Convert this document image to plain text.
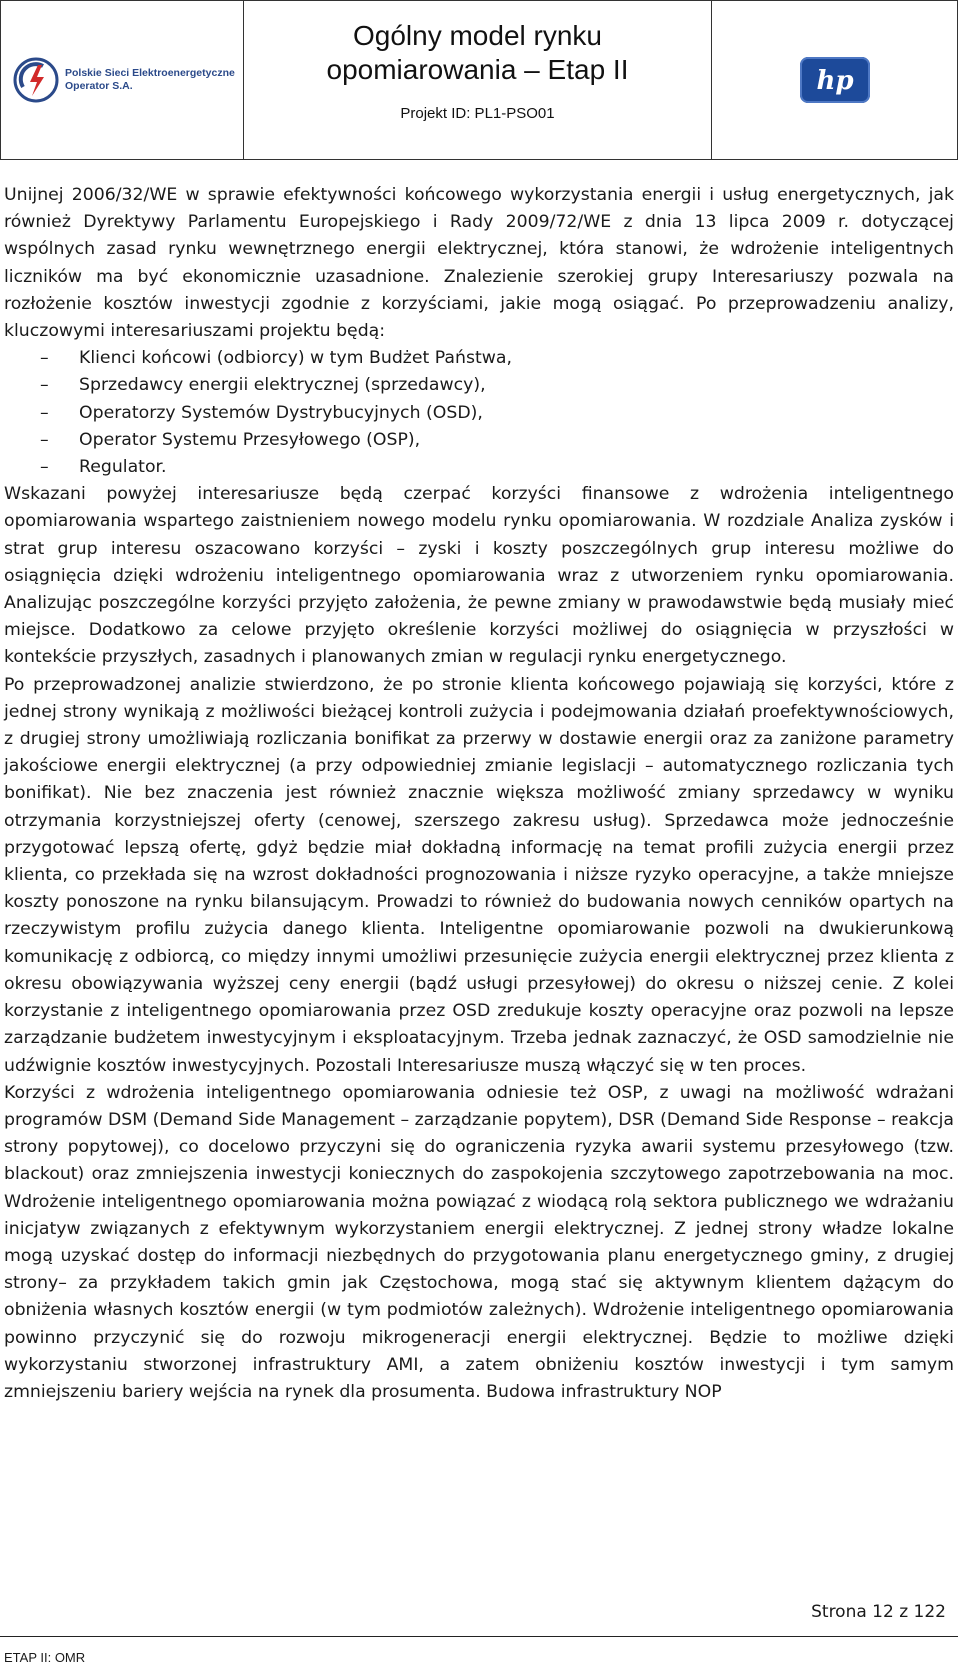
Polskie Sieci Elektroenergetyczne
Operator S.A.
Ogólny model rynku
opomiarowania – Etap II
Projekt ID: PL1-PSO01
hp

Unijnej 2006/32/WE w sprawie efektywności końcowego wykorzystania energii i usług energetycznych, jak również Dyrektywy Parlamentu Europejskiego i Rady 2009/72/WE z dnia 13 lipca 2009 r. dotyczącej wspólnych zasad rynku wewnętrznego energii elektrycznej, która stanowi, że wdrożenie inteligentnych liczników ma być ekonomicznie uzasadnione. Znalezienie szerokiej grupy Interesariuszy pozwala na rozłożenie kosztów inwestycji zgodnie z korzyściami, jakie mogą osiągać. Po przeprowadzeniu analizy, kluczowymi interesariuszami projektu będą:

– Klienci końcowi (odbiorcy) w tym Budżet Państwa,
– Sprzedawcy energii elektrycznej (sprzedawcy),
– Operatorzy Systemów Dystrybucyjnych (OSD),
– Operator Systemu Przesyłowego (OSP),
– Regulator.

Wskazani powyżej interesariusze będą czerpać korzyści finansowe z wdrożenia inteligentnego opomiarowania wspartego zaistnieniem nowego modelu rynku opomiarowania. W rozdziale Analiza zysków i strat grup interesu oszacowano korzyści – zyski i koszty poszczególnych grup interesu możliwe do osiągnięcia dzięki wdrożeniu inteligentnego opomiarowania wraz z utworzeniem rynku opomiarowania. Analizując poszczególne korzyści przyjęto założenia, że pewne zmiany w prawodawstwie będą musiały mieć miejsce. Dodatkowo za celowe przyjęto określenie korzyści możliwej do osiągnięcia w przyszłości w kontekście przyszłych, zasadnych i planowanych zmian w regulacji rynku energetycznego.

Po przeprowadzonej analizie stwierdzono, że po stronie klienta końcowego pojawiają się korzyści, które z jednej strony wynikają z możliwości bieżącej kontroli zużycia i podejmowania działań proefektywnościowych, z drugiej strony umożliwiają rozliczania bonifikat za przerwy w dostawie energii oraz za zaniżone parametry jakościowe energii elektrycznej (a przy odpowiedniej zmianie legislacji – automatycznego rozliczania tych bonifikat). Nie bez znaczenia jest również znacznie większa możliwość zmiany sprzedawcy w wyniku otrzymania korzystniejszej oferty (cenowej, szerszego zakresu usług). Sprzedawca może jednocześnie przygotować lepszą ofertę, gdyż będzie miał dokładną informację na temat profili zużycia energii przez klienta, co przekłada się na wzrost dokładności prognozowania i niższe ryzyko operacyjne, a także mniejsze koszty ponoszone na rynku bilansującym. Prowadzi to również do budowania nowych cenników opartych na rzeczywistym profilu zużycia danego klienta. Inteligentne opomiarowanie pozwoli na dwukierunkową komunikację z odbiorcą, co między innymi umożliwi przesunięcie zużycia energii elektrycznej przez klienta z okresu obowiązywania wyższej ceny energii (bądź usługi przesyłowej) do okresu o niższej cenie. Z kolei korzystanie z inteligentnego opomiarowania przez OSD zredukuje koszty operacyjne oraz pozwoli na lepsze zarządzanie budżetem inwestycyjnym i eksploatacyjnym. Trzeba jednak zaznaczyć, że OSD samodzielnie nie udźwignie kosztów inwestycyjnych. Pozostali Interesariusze muszą włączyć się w ten proces.

Korzyści z wdrożenia inteligentnego opomiarowania odniesie też OSP, z uwagi na możliwość wdrażani programów DSM (Demand Side Management – zarządzanie popytem), DSR (Demand Side Response – reakcja strony popytowej), co docelowo przyczyni się do ograniczenia ryzyka awarii systemu przesyłowego (tzw. blackout) oraz zmniejszenia inwestycji koniecznych do zaspokojenia szczytowego zapotrzebowania na moc. Wdrożenie inteligentnego opomiarowania można powiązać z wiodącą rolą sektora publicznego we wdrażaniu inicjatyw związanych z efektywnym wykorzystaniem energii elektrycznej. Z jednej strony władze lokalne mogą uzyskać dostęp do informacji niezbędnych do przygotowania planu energetycznego gminy, z drugiej strony– za przykładem takich gmin jak Częstochowa, mogą stać się aktywnym klientem dążącym do obniżenia własnych kosztów energii (w tym podmiotów zależnych). Wdrożenie inteligentnego opomiarowania powinno przyczynić się do rozwoju mikrogeneracji energii elektrycznej. Będzie to możliwe dzięki wykorzystaniu stworzonej infrastruktury AMI, a zatem obniżeniu kosztów inwestycji i tym samym zmniejszeniu bariery wejścia na rynek dla prosumenta. Budowa infrastruktury NOP

Strona 12 z 122
ETAP II: OMR
